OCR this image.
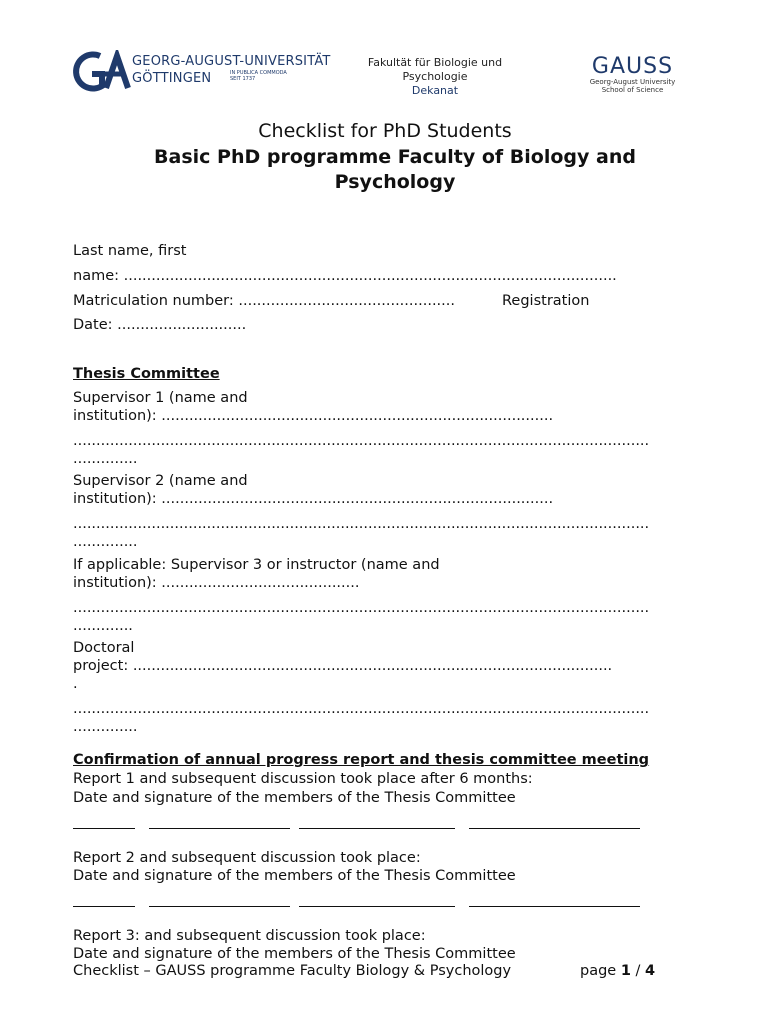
GEORG-AUGUST-UNIVERSITÄT
GÖTTINGEN	IN PUBLICA COMMODA SEIT 1737
Fakultät für Biologie und Psychologie
Dekanat
GAUSS
Georg-August University
School of Science
Checklist for PhD Students
Basic PhD programme Faculty of Biology and Psychology
Last name, first
name: ...........................................................................................................
Matriculation number: ...............................................	Registration
Date: ............................
Thesis Committee
Supervisor 1 (name and
institution): .....................................................................................
.............................................................................................................................
..............
Supervisor 2 (name and
institution): .....................................................................................
.............................................................................................................................
..............
If applicable: Supervisor 3 or instructor (name and
institution): ...........................................
.............................................................................................................................
.............
Doctoral
project: ........................................................................................................
.
.............................................................................................................................
..............
Confirmation of annual progress report and thesis committee meeting
Report 1 and subsequent discussion took place after 6 months:
Date and signature of the members of the Thesis Committee
Report 2 and subsequent discussion took place:
Date and signature of the members of the Thesis Committee
Report 3: and subsequent discussion took place:
Date and signature of the members of the Thesis Committee
Checklist – GAUSS programme Faculty Biology & Psychology	page 1 / 4
